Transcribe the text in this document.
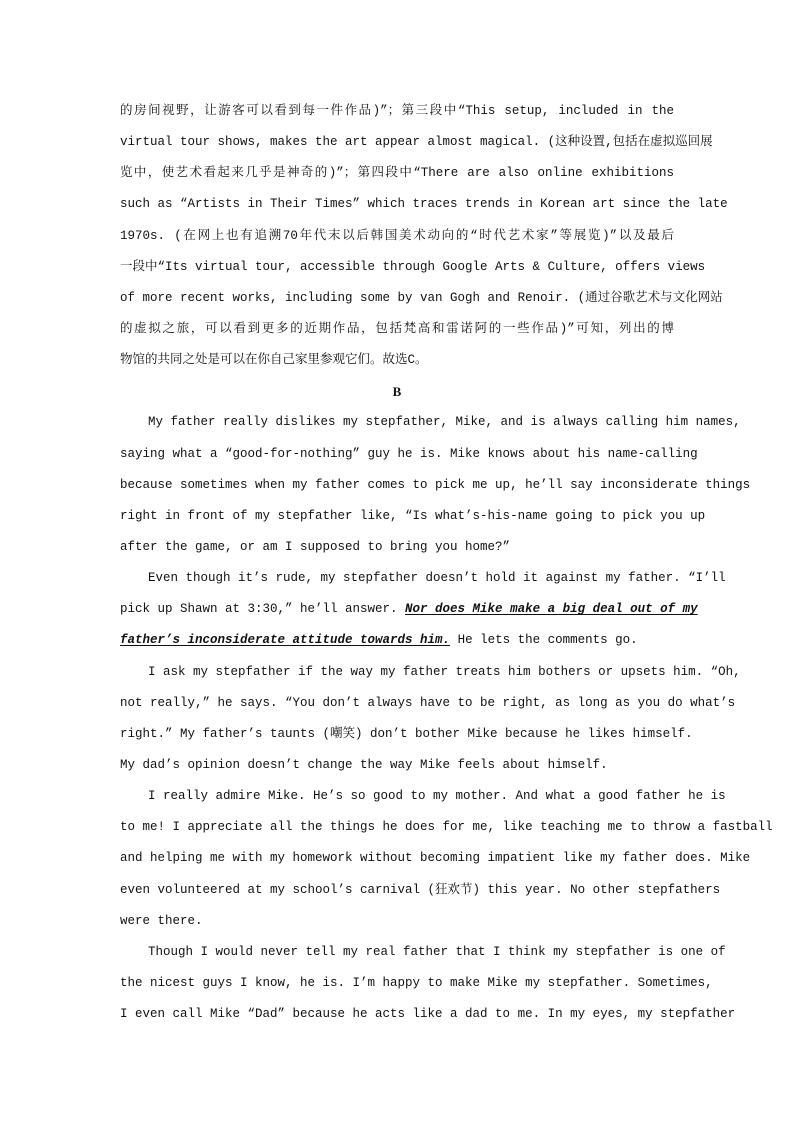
的房间视野，让游客可以看到每一件作品)”；第三段中“This setup, included in the
virtual tour shows, makes the art appear almost magical. (这种设置,包括在虚拟巡回展
览中，使艺术看起来几乎是神奇的)”；第四段中“There are also online exhibitions
such as “Artists in Their Times” which traces trends in Korean art since the late
1970s. (在网上也有追溯70年代末以后韩国美术动向的“时代艺术家”等展览)”以及最后
一段中“Its virtual tour, accessible through Google Arts & Culture, offers views
of more recent works, including some by van Gogh and Renoir. (通过谷歌艺术与文化网站
的虚拟之旅，可以看到更多的近期作品，包括梵高和雷诺阿的一些作品)”可知，列出的博
物馆的共同之处是可以在你自己家里参观它们。故选C。
B
My father really dislikes my stepfather, Mike, and is always calling him names,
saying what a “good-for-nothing” guy he is. Mike knows about his name-calling
because sometimes when my father comes to pick me up, he’ll say inconsiderate things
right in front of my stepfather like, “Is what’s-his-name going to pick you up
after the game, or am I supposed to bring you home?”
Even though it’s rude, my stepfather doesn’t hold it against my father. “I’ll
pick up Shawn at 3:30,” he’ll answer. Nor does Mike make a big deal out of my
father’s inconsiderate attitude towards him. He lets the comments go.
I ask my stepfather if the way my father treats him bothers or upsets him. “Oh,
not really,” he says. “You don’t always have to be right, as long as you do what’s
right.” My father’s taunts (嘲笑) don’t bother Mike because he likes himself.
My dad’s opinion doesn’t change the way Mike feels about himself.
I really admire Mike. He’s so good to my mother. And what a good father he is
to me! I appreciate all the things he does for me, like teaching me to throw a fastball
and helping me with my homework without becoming impatient like my father does. Mike
even volunteered at my school’s carnival (狂欢节) this year. No other stepfathers
were there.
Though I would never tell my real father that I think my stepfather is one of
the nicest guys I know, he is. I’m happy to make Mike my stepfather. Sometimes,
I even call Mike “Dad” because he acts like a dad to me. In my eyes, my stepfather
